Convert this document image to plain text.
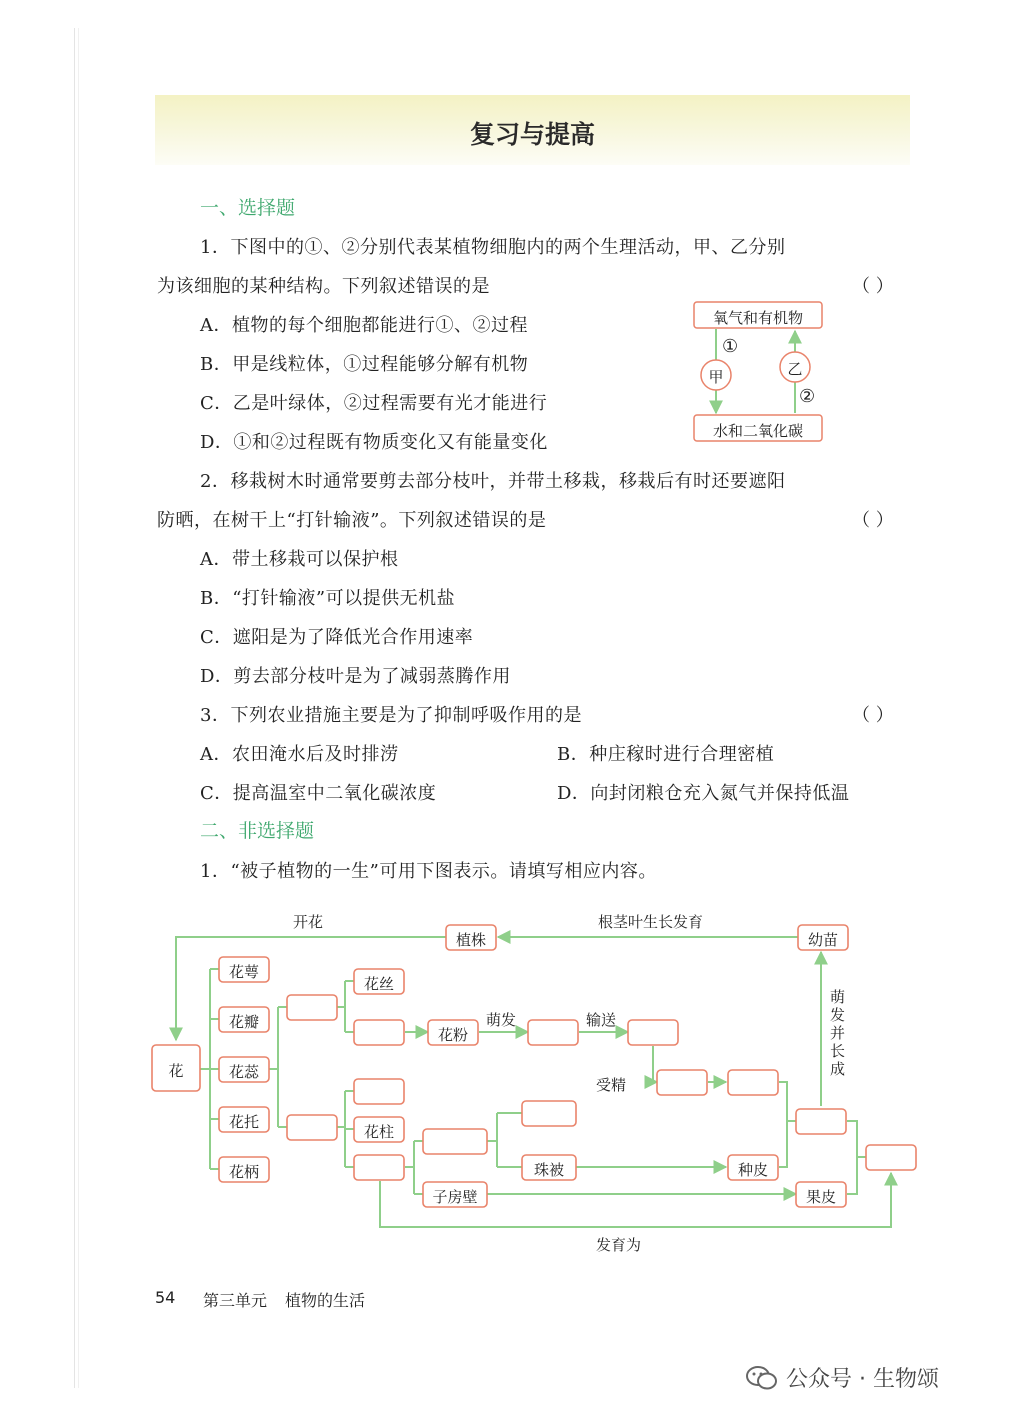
复习与提高
一、选择题
1．下图中的①、②分别代表某植物细胞内的两个生理活动，甲、乙分别
为该细胞的某种结构。下列叙述错误的是	（ ）
A．植物的每个细胞都能进行①、②过程
B．甲是线粒体，①过程能够分解有机物
C．乙是叶绿体，②过程需要有光才能进行
D．①和②过程既有物质变化又有能量变化
氧气和有机物
水和二氧化碳
甲	乙
①
②
2．移栽树木时通常要剪去部分枝叶，并带土移栽，移栽后有时还要遮阳
防晒，在树干上“打针输液”。下列叙述错误的是	（ ）
A．带土移栽可以保护根
B．“打针输液”可以提供无机盐
C．遮阳是为了降低光合作用速率
D．剪去部分枝叶是为了减弱蒸腾作用
3．下列农业措施主要是为了抑制呼吸作用的是	（ ）
A．农田淹水后及时排涝	B．种庄稼时进行合理密植
C．提高温室中二氧化碳浓度	D．向封闭粮仓充入氮气并保持低温
二、非选择题
1．“被子植物的一生”可用下图表示。请填写相应内容。
花
花萼
花瓣
花蕊
花托
花柄
花丝
花粉
花柱
珠被
子房壁
种皮
果皮
植株	幼苗
开花	根茎叶生长发育
萌发	输送
受精
发育为
萌
发
并
长
成
54 第三单元 植物的生活
公众号 · 生物颂
